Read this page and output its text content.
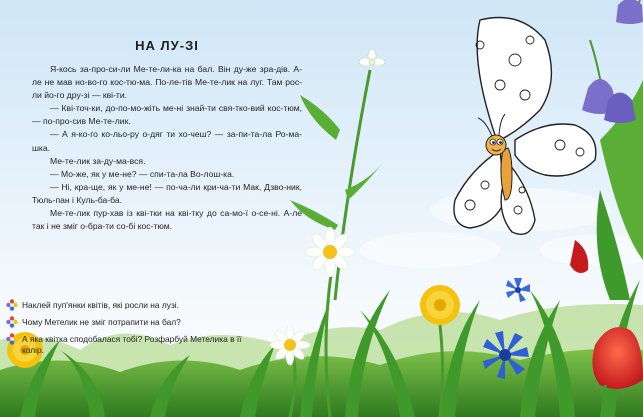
НА ЛУ-ЗІ

Я-кось за-про-си-ли Ме-те-ли-ка на бал. Він ду-же зра-дів. А-ле не мав но-во-го кос-тю-ма. По-ле-тів Ме-те-лик на луг. Там рос-ли йо-го дру-зі — кві-ти.

— Кві-точ-ки, до-по-мо-жіть ме-ні знай-ти свя-тко-вий кос-тюм,— по-про-сив Ме-те-лик.

— А я-ко-го ко-льо-ру о-дяг ти хо-чеш? — за-пи-та-ла Ро-ма-шка.

Ме-те-лик за-ду-ма-вся.

— Мо-же, як у ме-не? — спи-та-ла Во-лош-ка.

— Ні, кра-ще, як у ме-не! — по-ча-ли кри-ча-ти Мак, Дзво-ник, Тюль-пан і Куль-ба-ба.

Ме-те-лик пур-хав із кві-тки на кві-тку до са-мо-ї о-се-ні. А-ле так і не зміг о-бра-ти со-бі кос-тюм.

Наклей пуп'янки квітів, які росли на лузі.
Чому Метелик не зміг потрапити на бал?
А яка квітка сподобалася тобі? Розфарбуй Метелика в її колір.
